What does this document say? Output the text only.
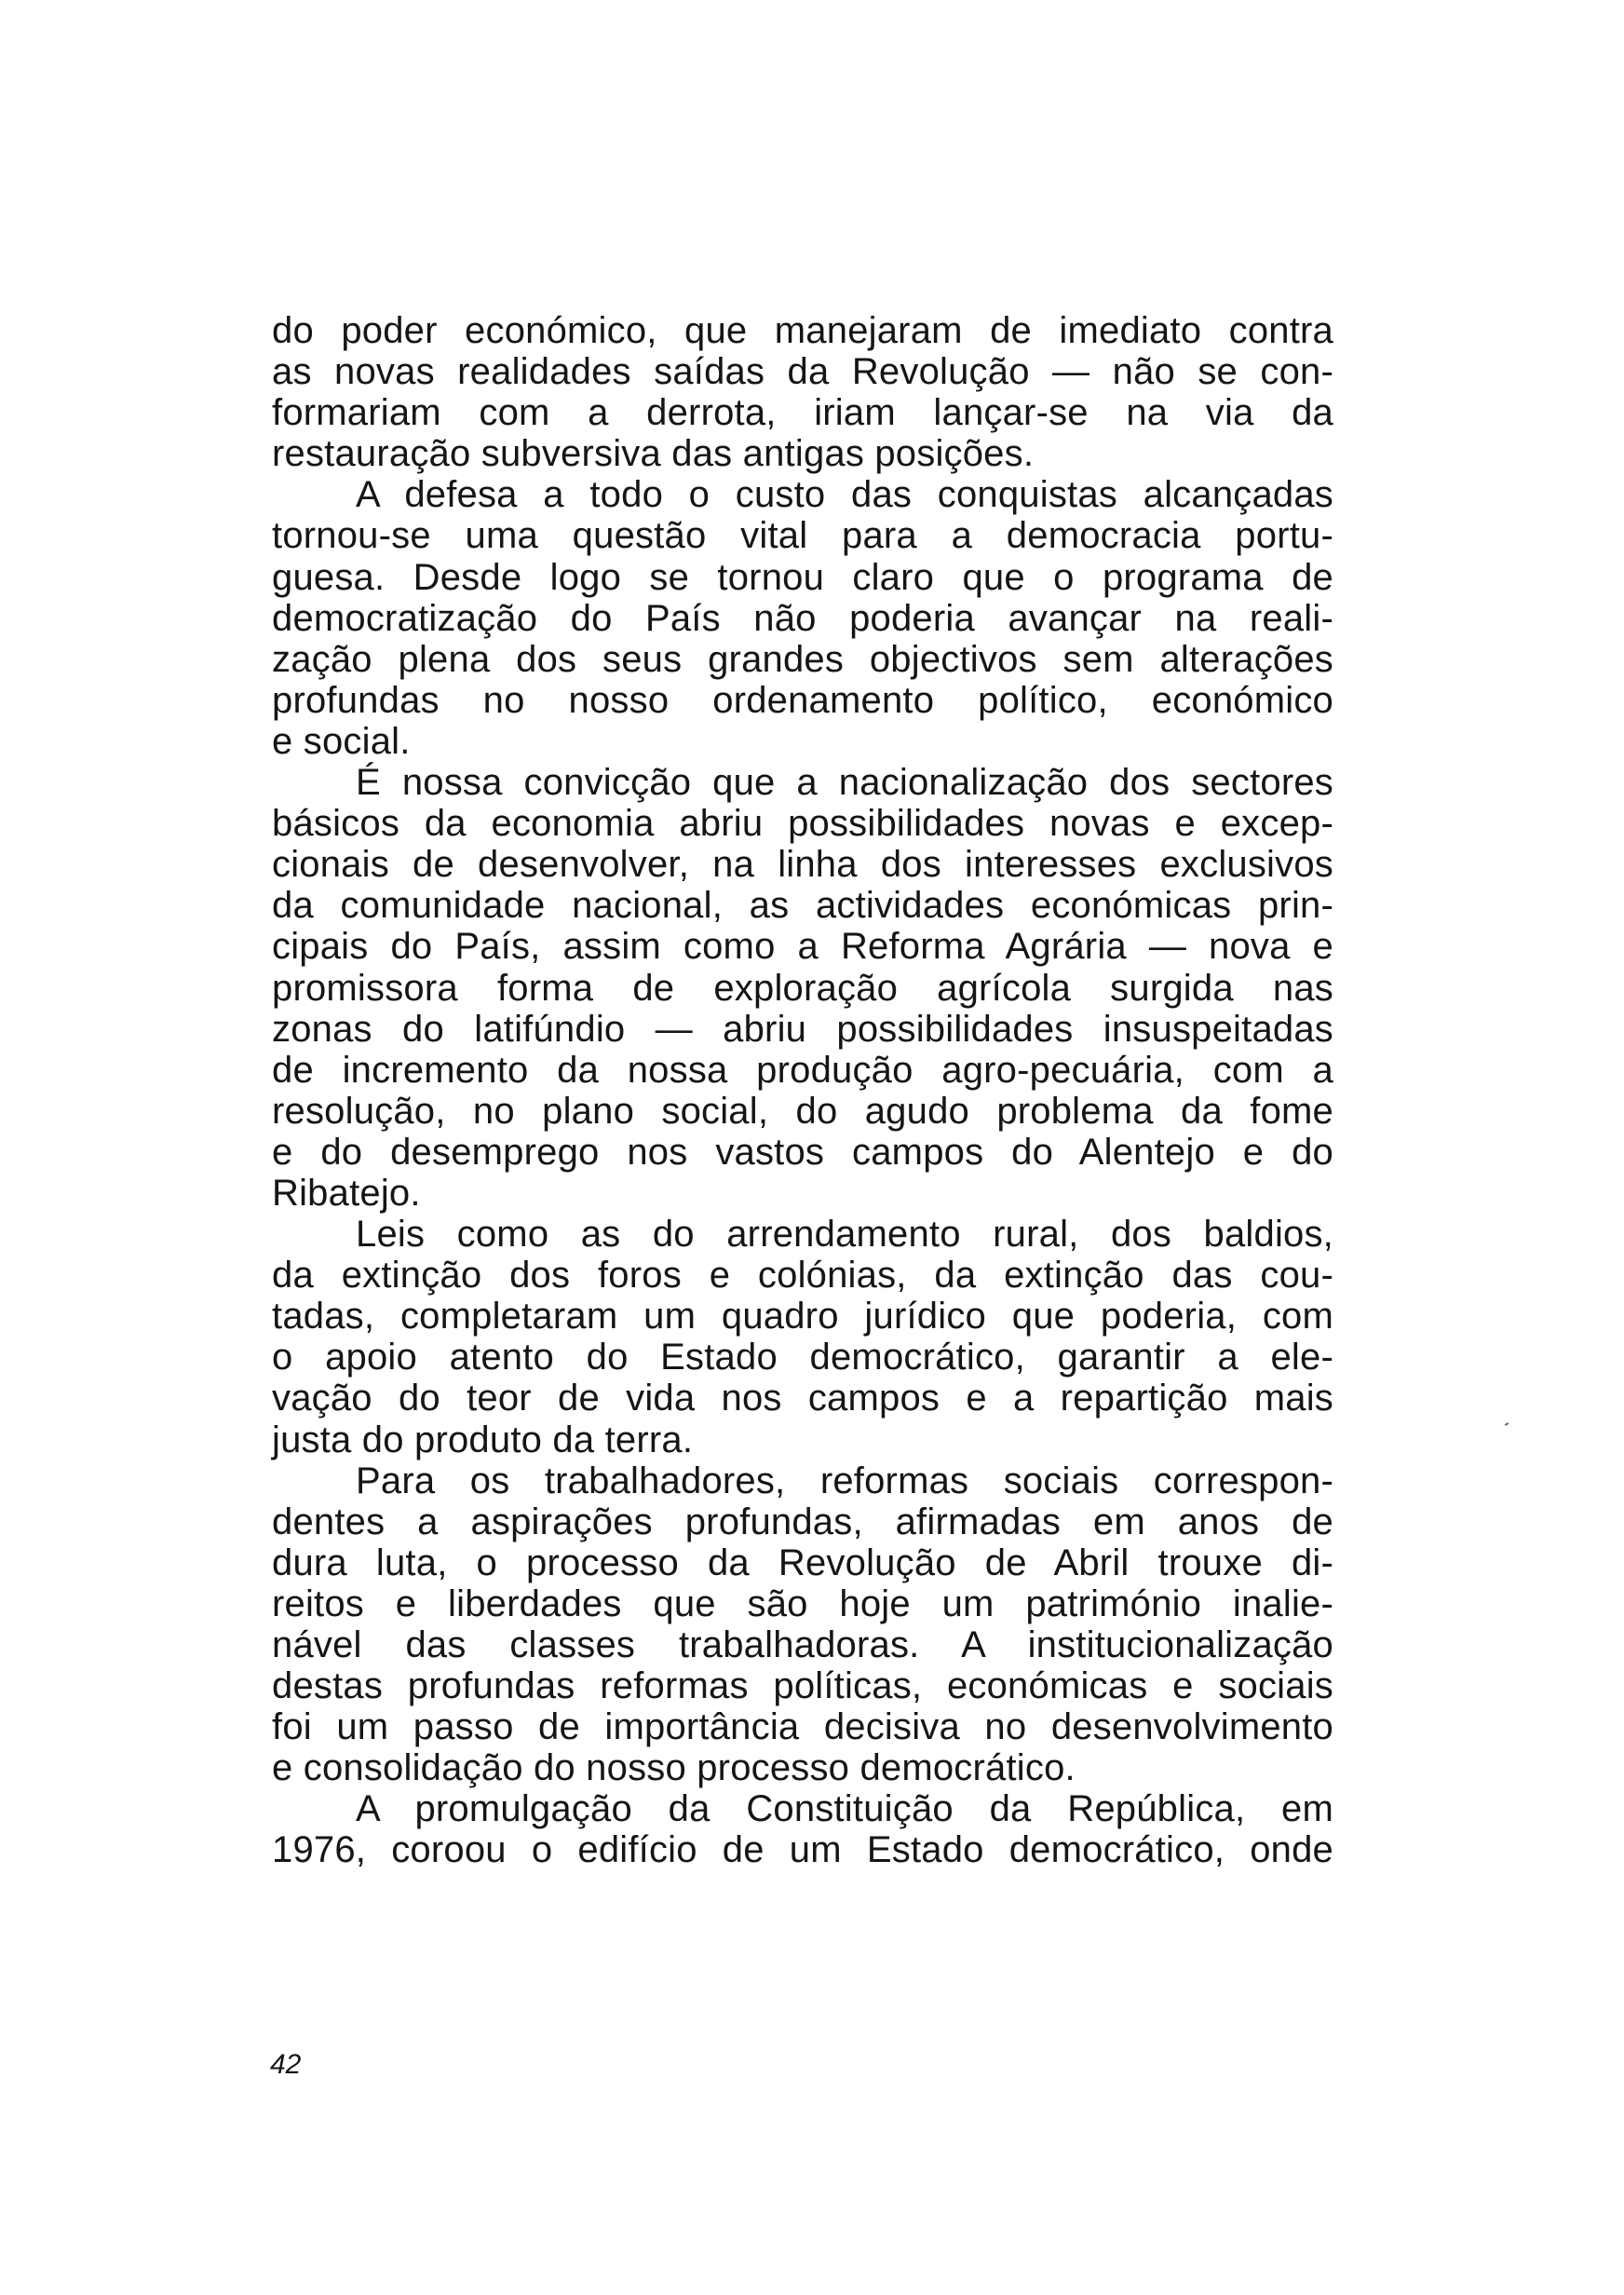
do poder económico, que manejaram de imediato contra
as novas realidades saídas da Revolução — não se con-
formariam com a derrota, iriam lançar-se na via da
restauração subversiva das antigas posições.

A defesa a todo o custo das conquistas alcançadas
tornou-se uma questão vital para a democracia portu-
guesa. Desde logo se tornou claro que o programa de
democratização do País não poderia avançar na reali-
zação plena dos seus grandes objectivos sem alterações
profundas no nosso ordenamento político, económico
e social.

É nossa convicção que a nacionalização dos sectores
básicos da economia abriu possibilidades novas e excep-
cionais de desenvolver, na linha dos interesses exclusivos
da comunidade nacional, as actividades económicas prin-
cipais do País, assim como a Reforma Agrária — nova e
promissora forma de exploração agrícola surgida nas
zonas do latifúndio — abriu possibilidades insuspeitadas
de incremento da nossa produção agro-pecuária, com a
resolução, no plano social, do agudo problema da fome
e do desemprego nos vastos campos do Alentejo e do
Ribatejo.

Leis como as do arrendamento rural, dos baldios,
da extinção dos foros e colónias, da extinção das cou-
tadas, completaram um quadro jurídico que poderia, com
o apoio atento do Estado democrático, garantir a ele-
vação do teor de vida nos campos e a repartição mais
justa do produto da terra.

Para os trabalhadores, reformas sociais correspon-
dentes a aspirações profundas, afirmadas em anos de
dura luta, o processo da Revolução de Abril trouxe di-
reitos e liberdades que são hoje um património inalie-
nável das classes trabalhadoras. A institucionalização
destas profundas reformas políticas, económicas e sociais
foi um passo de importância decisiva no desenvolvimento
e consolidação do nosso processo democrático.

A promulgação da Constituição da República, em
1976, coroou o edifício de um Estado democrático, onde

42
